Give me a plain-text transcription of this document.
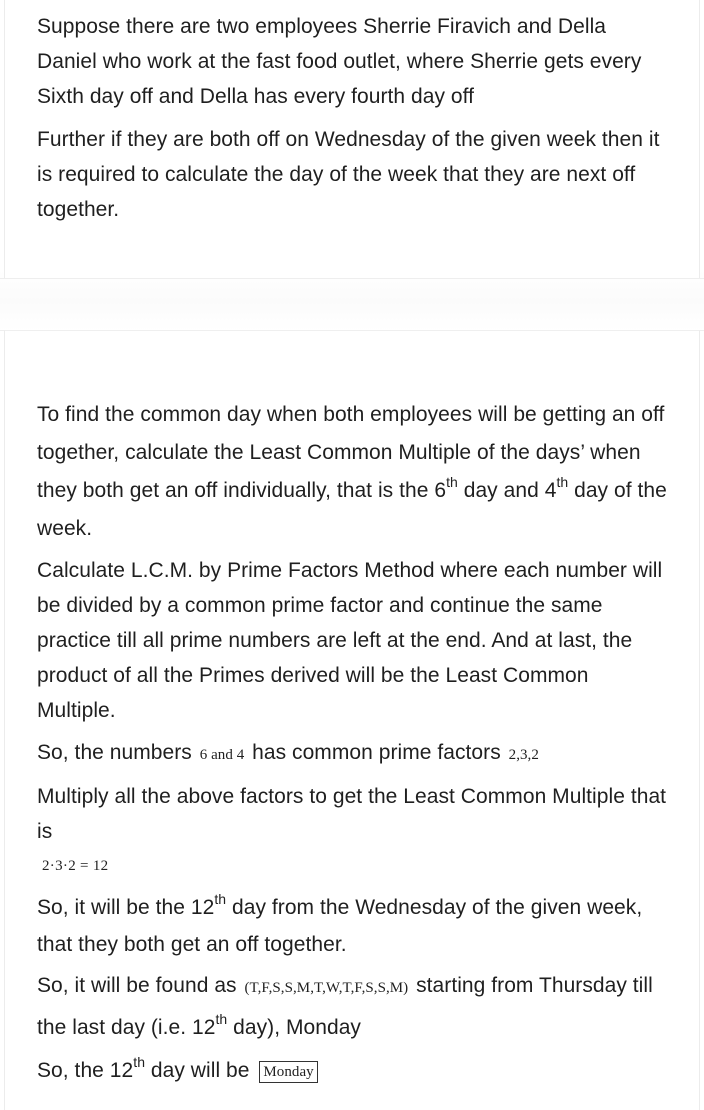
Suppose there are two employees Sherrie Firavich and Della Daniel who work at the fast food outlet, where Sherrie gets every Sixth day off and Della has every fourth day off

Further if they are both off on Wednesday of the given week then it is required to calculate the day of the week that they are next off together.

To find the common day when both employees will be getting an off together, calculate the Least Common Multiple of the days’ when they both get an off individually, that is the 6th day and 4th day of the week.

Calculate L.C.M. by Prime Factors Method where each number will be divided by a common prime factor and continue the same practice till all prime numbers are left at the end. And at last, the product of all the Primes derived will be the Least Common Multiple.

So, the numbers 6 and 4 has common prime factors 2,3,2

Multiply all the above factors to get the Least Common Multiple that is

2·3·2 = 12

So, it will be the 12th day from the Wednesday of the given week, that they both get an off together.

So, it will be found as (T,F,S,S,M,T,W,T,F,S,S,M) starting from Thursday till the last day (i.e. 12th day), Monday

So, the 12th day will be Monday
